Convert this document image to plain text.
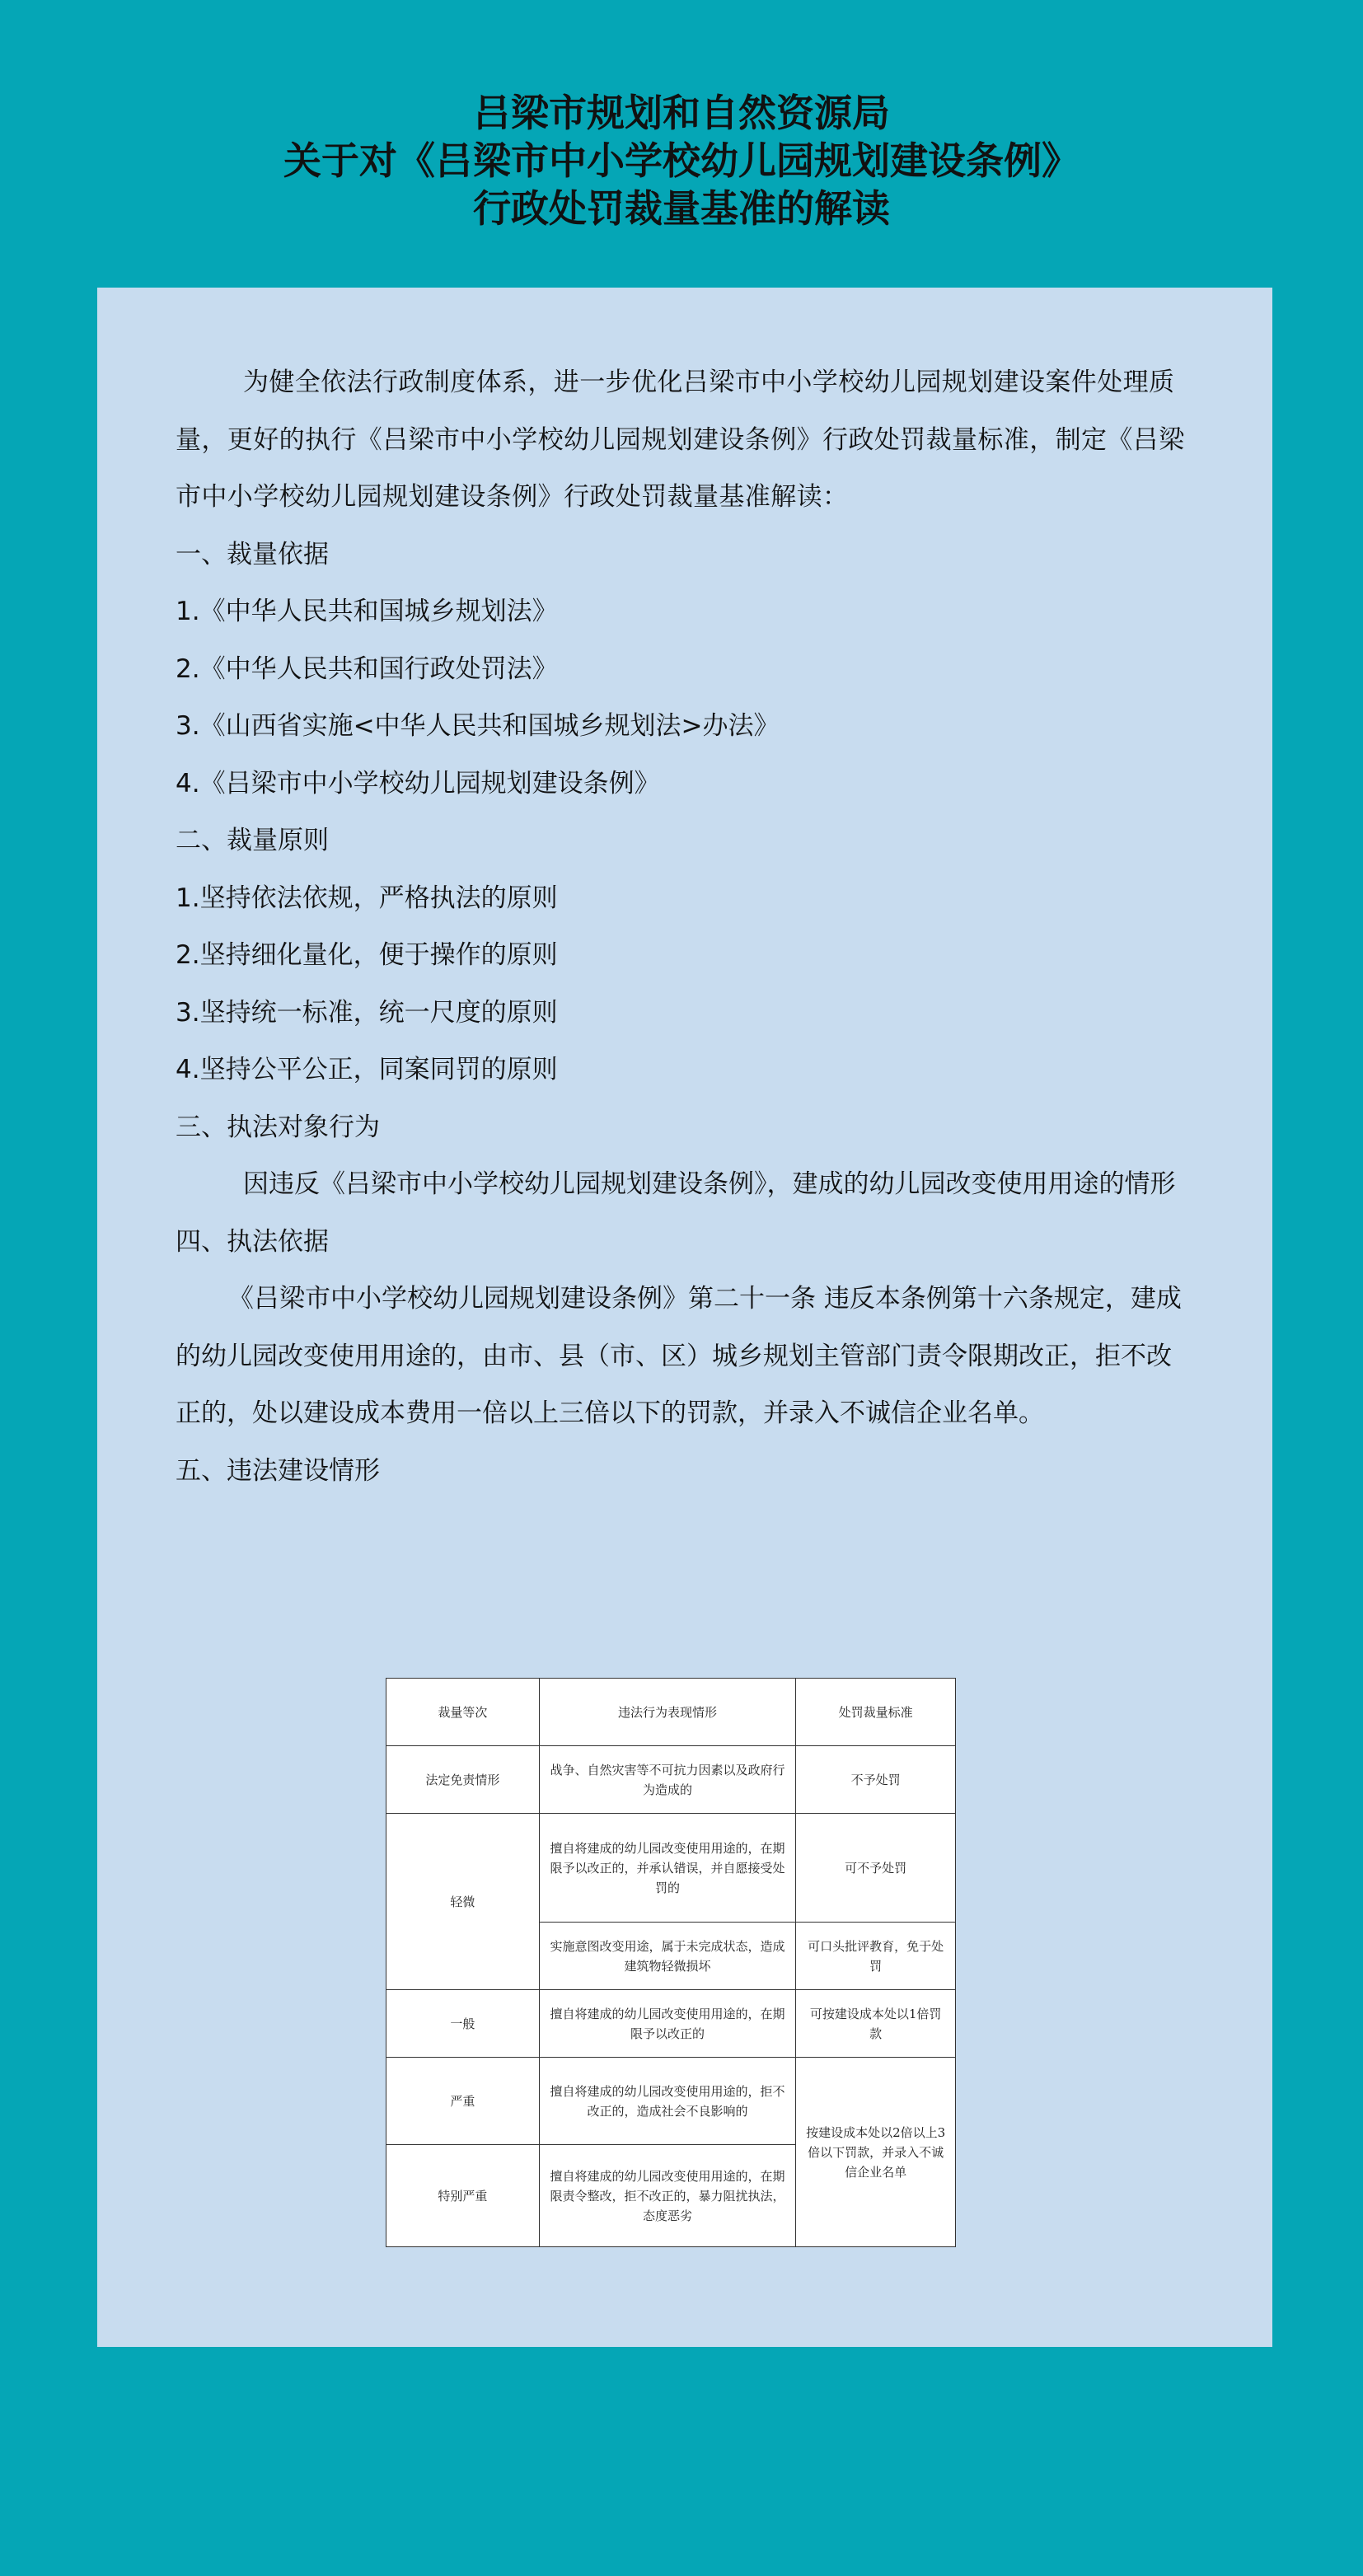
吕梁市规划和自然资源局

关于对《吕梁市中小学校幼儿园规划建设条例》

行政处罚裁量基准的解读

为健全依法行政制度体系，进一步优化吕梁市中小学校幼儿园规划建设案件处理质量，更好的执行《吕梁市中小学校幼儿园规划建设条例》行政处罚裁量标准，制定《吕梁市中小学校幼儿园规划建设条例》行政处罚裁量基准解读：

一、裁量依据

1.《中华人民共和国城乡规划法》

2.《中华人民共和国行政处罚法》

3.《山西省实施<中华人民共和国城乡规划法>办法》

4.《吕梁市中小学校幼儿园规划建设条例》

二、裁量原则

1.坚持依法依规，严格执法的原则

2.坚持细化量化，便于操作的原则

3.坚持统一标准，统一尺度的原则

4.坚持公平公正，同案同罚的原则

三、执法对象行为

因违反《吕梁市中小学校幼儿园规划建设条例》，建成的幼儿园改变使用用途的情形

四、执法依据

《吕梁市中小学校幼儿园规划建设条例》第二十一条 违反本条例第十六条规定，建成的幼儿园改变使用用途的，由市、县（市、区）城乡规划主管部门责令限期改正，拒不改正的，处以建设成本费用一倍以上三倍以下的罚款，并录入不诚信企业名单。

五、违法建设情形

裁量等次	违法行为表现情形	处罚裁量标准
法定免责情形	战争、自然灾害等不可抗力因素以及政府行为造成的	不予处罚
轻微	擅自将建成的幼儿园改变使用用途的，在期限予以改正的，并承认错误，并自愿接受处罚的	可不予处罚
	实施意图改变用途，属于未完成状态，造成建筑物轻微损坏	可口头批评教育，免于处罚
一般	擅自将建成的幼儿园改变使用用途的，在期限予以改正的	可按建设成本处以1倍罚款
严重	擅自将建成的幼儿园改变使用用途的，拒不改正的，造成社会不良影响的	按建设成本处以2倍以上3倍以下罚款，并录入不诚信企业名单
特别严重	擅自将建成的幼儿园改变使用用途的，在期限责令整改，拒不改正的，暴力阻扰执法，态度恶劣	
